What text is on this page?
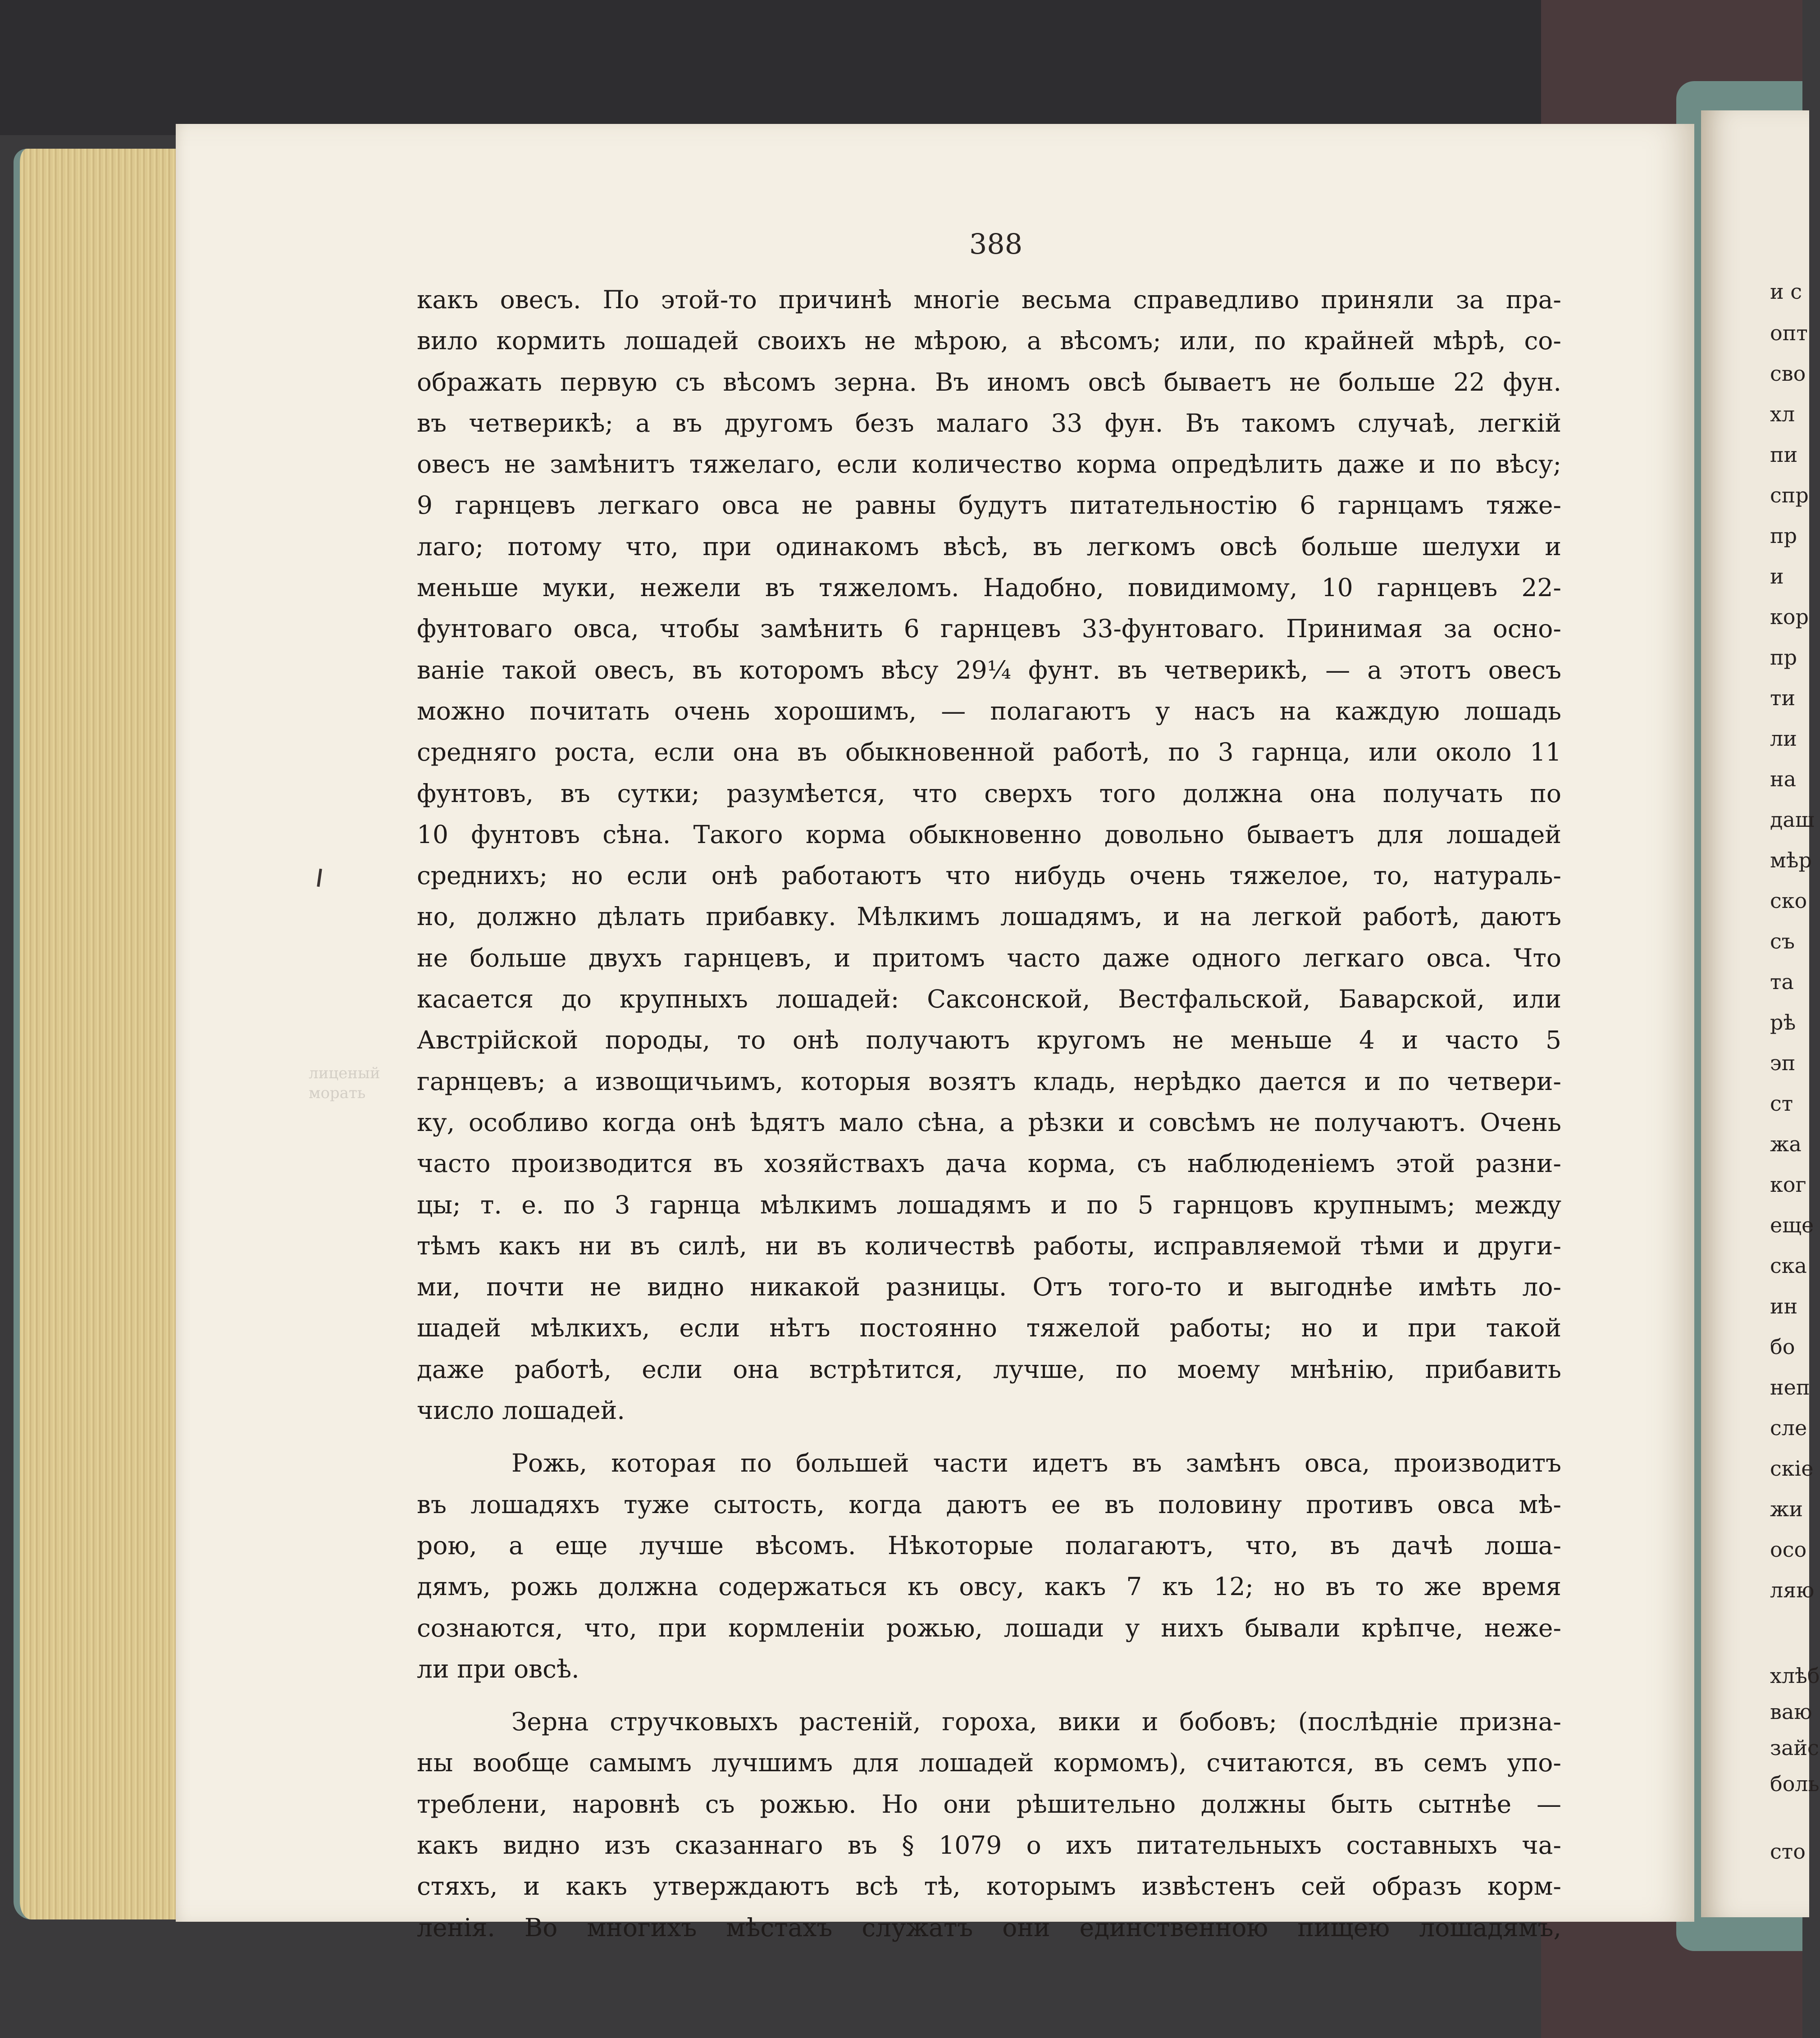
лиценый
морать
388
какъ овесъ. По этой-то причинѣ многіе весьма справедливо приняли за пра-
вило кормить лошадей своихъ не мѣрою, а вѣсомъ; или, по крайней мѣрѣ, со-
ображать первую съ вѣсомъ зерна. Въ иномъ овсѣ бываетъ не больше 22 фун.
въ четверикѣ; а въ другомъ безъ малаго 33 фун. Въ такомъ случаѣ, легкій
овесъ не замѣнитъ тяжелаго, если количество корма опредѣлить даже и по вѣсу;
9 гарнцевъ легкаго овса не равны будутъ питательностію 6 гарнцамъ тяже-
лаго; потому что, при одинакомъ вѣсѣ, въ легкомъ овсѣ больше шелухи и
меньше муки, нежели въ тяжеломъ. Надобно, повидимому, 10 гарнцевъ 22-
фунтоваго овса, чтобы замѣнить 6 гарнцевъ 33-фунтоваго. Принимая за осно-
ваніе такой овесъ, въ которомъ вѣсу 29¼ фунт. въ четверикѣ, — а этотъ овесъ
можно почитать очень хорошимъ, — полагаютъ у насъ на каждую лошадь
средняго роста, если она въ обыкновенной работѣ, по 3 гарнца, или около 11
фунтовъ, въ сутки; разумѣется, что сверхъ того должна она получать по
10 фунтовъ сѣна. Такого корма обыкновенно довольно бываетъ для лошадей
среднихъ; но если онѣ работаютъ что нибудь очень тяжелое, то, натураль-
но, должно дѣлать прибавку. Мѣлкимъ лошадямъ, и на легкой работѣ, даютъ
не больше двухъ гарнцевъ, и притомъ часто даже одного легкаго овса. Что
касается до крупныхъ лошадей: Саксонской, Вестфальской, Баварской, или
Австрійской породы, то онѣ получаютъ кругомъ не меньше 4 и часто 5
гарнцевъ; а извощичьимъ, которыя возятъ кладь, нерѣдко дается и по четвери-
ку, особливо когда онѣ ѣдятъ мало сѣна, а рѣзки и совсѣмъ не получаютъ. Очень
часто производится въ хозяйствахъ дача корма, съ наблюденіемъ этой разни-
цы; т. е. по 3 гарнца мѣлкимъ лошадямъ и по 5 гарнцовъ крупнымъ; между
тѣмъ какъ ни въ силѣ, ни въ количествѣ работы, исправляемой тѣми и други-
ми, почти не видно никакой разницы. Отъ того-то и выгоднѣе имѣть ло-
шадей мѣлкихъ, если нѣтъ постоянно тяжелой работы; но и при такой
даже работѣ, если она встрѣтится, лучше, по моему мнѣнію, прибавить
число лошадей.
Рожь, которая по большей части идетъ въ замѣнъ овса, производитъ
въ лошадяхъ туже сытость, когда даютъ ее въ половину противъ овса мѣ-
рою, а еще лучше вѣсомъ. Нѣкоторые полагаютъ, что, въ дачѣ лоша-
дямъ, рожь должна содержаться къ овсу, какъ 7 къ 12; но въ то же время
сознаются, что, при кормленіи рожью, лошади у нихъ бывали крѣпче, неже-
ли при овсѣ.
Зерна стручковыхъ растеній, гороха, вики и бобовъ; (послѣдніе призна-
ны вообще самымъ лучшимъ для лошадей кормомъ), считаются, въ семъ упо-
треблени, наровнѣ съ рожью. Но они рѣшительно должны быть сытнѣе —
какъ видно изъ сказаннаго въ § 1079 о ихъ питательныхъ составныхъ ча-
стяхъ, и какъ утверждаютъ всѣ тѣ, которымъ извѣстенъ сей образъ корм-
ленія. Во многихъ мѣстахъ служатъ они единственною пищею лошадямъ,
и с
опт
сво
хл
пи
спр
пр
и
кор
пр
ти
ли
на
даш
мѣр
ско
съ
та
рѣ
эп
ст
жа
ког
еще
ска
ин
бо
неп
сле
скіе
жи
осо
ляю
хлѣб
ваю
зайс
боль
сто
